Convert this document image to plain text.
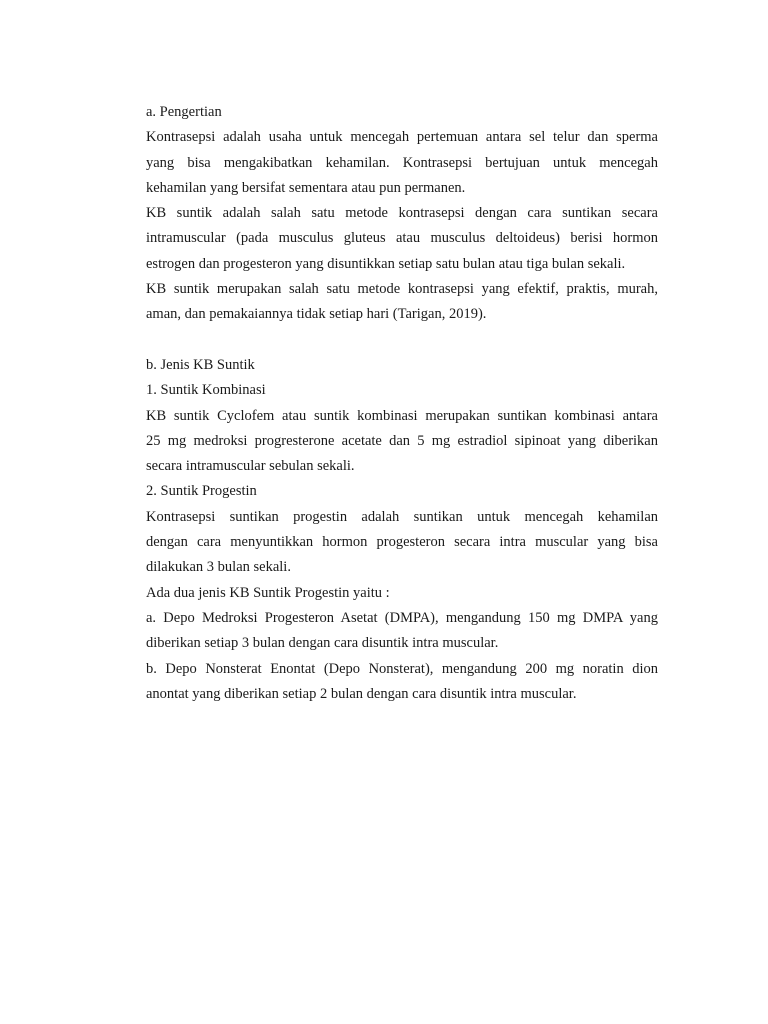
a. Pengertian
Kontrasepsi adalah usaha untuk mencegah pertemuan antara sel telur dan sperma
yang bisa mengakibatkan kehamilan. Kontrasepsi bertujuan untuk mencegah
kehamilan yang bersifat sementara atau pun permanen.
KB suntik adalah salah satu metode kontrasepsi dengan cara suntikan secara
intramuscular (pada musculus gluteus atau musculus deltoideus) berisi hormon
estrogen dan progesteron yang disuntikkan setiap satu bulan atau tiga bulan sekali.
KB suntik merupakan salah satu metode kontrasepsi yang efektif, praktis, murah,
aman, dan pemakaiannya tidak setiap hari (Tarigan, 2019).
b. Jenis KB Suntik
1. Suntik Kombinasi
KB suntik Cyclofem atau suntik kombinasi merupakan suntikan kombinasi antara
25 mg medroksi progresterone acetate dan 5 mg estradiol sipinoat yang diberikan
secara intramuscular sebulan sekali.
2. Suntik Progestin
Kontrasepsi suntikan progestin adalah suntikan untuk mencegah kehamilan
dengan cara menyuntikkan hormon progesteron secara intra muscular yang bisa
dilakukan 3 bulan sekali.
Ada dua jenis KB Suntik Progestin yaitu :
a. Depo Medroksi Progesteron Asetat (DMPA), mengandung 150 mg DMPA yang
diberikan setiap 3 bulan dengan cara disuntik intra muscular.
b. Depo Nonsterat Enontat (Depo Nonsterat), mengandung 200 mg noratin dion
anontat yang diberikan setiap 2 bulan dengan cara disuntik intra muscular.
